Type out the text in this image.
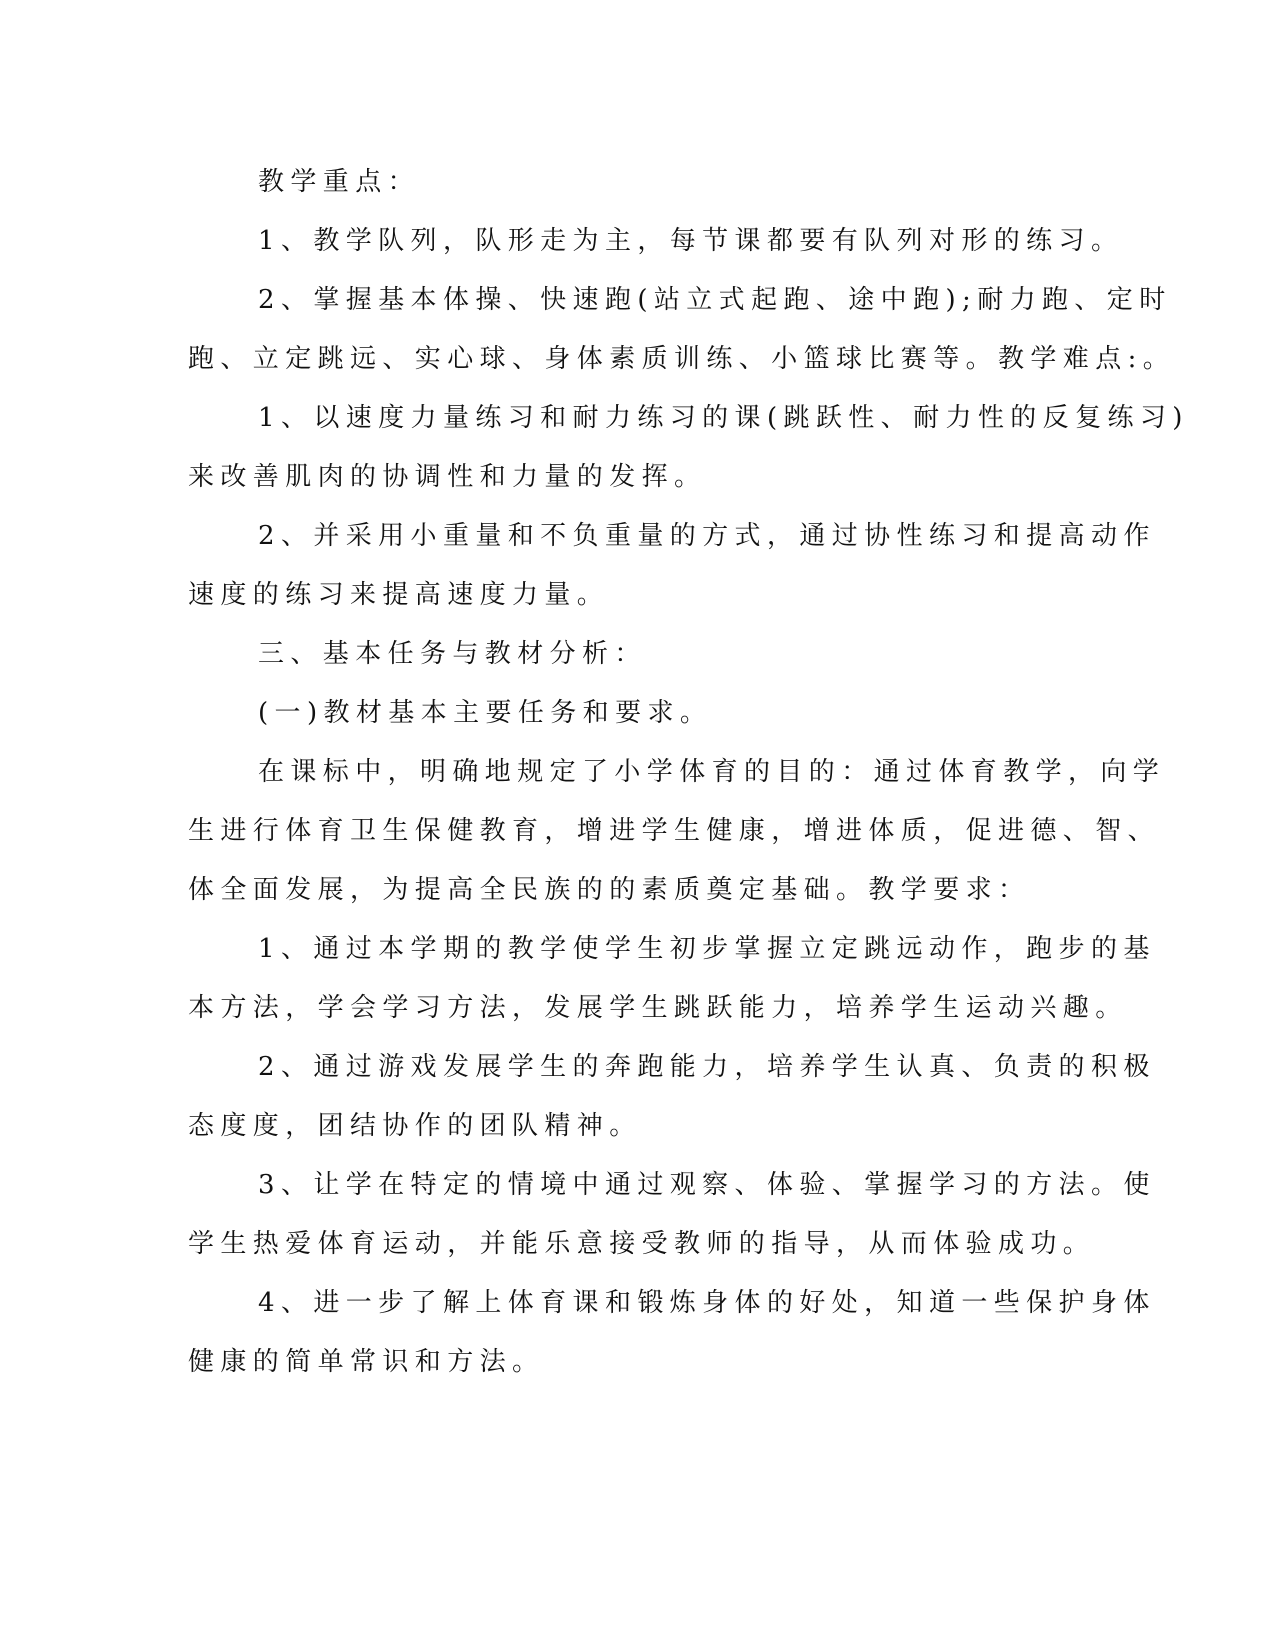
教学重点：
1、教学队列，队形走为主，每节课都要有队列对形的练习。
2、掌握基本体操、快速跑(站立式起跑、途中跑);耐力跑、定时
跑、立定跳远、实心球、身体素质训练、小篮球比赛等。教学难点:。
1、以速度力量练习和耐力练习的课(跳跃性、耐力性的反复练习)
来改善肌肉的协调性和力量的发挥。
2、并采用小重量和不负重量的方式，通过协性练习和提高动作
速度的练习来提高速度力量。
三、基本任务与教材分析：
(一)教材基本主要任务和要求。
在课标中，明确地规定了小学体育的目的：通过体育教学，向学
生进行体育卫生保健教育，增进学生健康，增进体质，促进德、智、
体全面发展，为提高全民族的的素质奠定基础。教学要求：
1、通过本学期的教学使学生初步掌握立定跳远动作，跑步的基
本方法，学会学习方法，发展学生跳跃能力，培养学生运动兴趣。
2、通过游戏发展学生的奔跑能力，培养学生认真、负责的积极
态度度，团结协作的团队精神。
3、让学在特定的情境中通过观察、体验、掌握学习的方法。使
学生热爱体育运动，并能乐意接受教师的指导，从而体验成功。
4、进一步了解上体育课和锻炼身体的好处，知道一些保护身体
健康的简单常识和方法。
